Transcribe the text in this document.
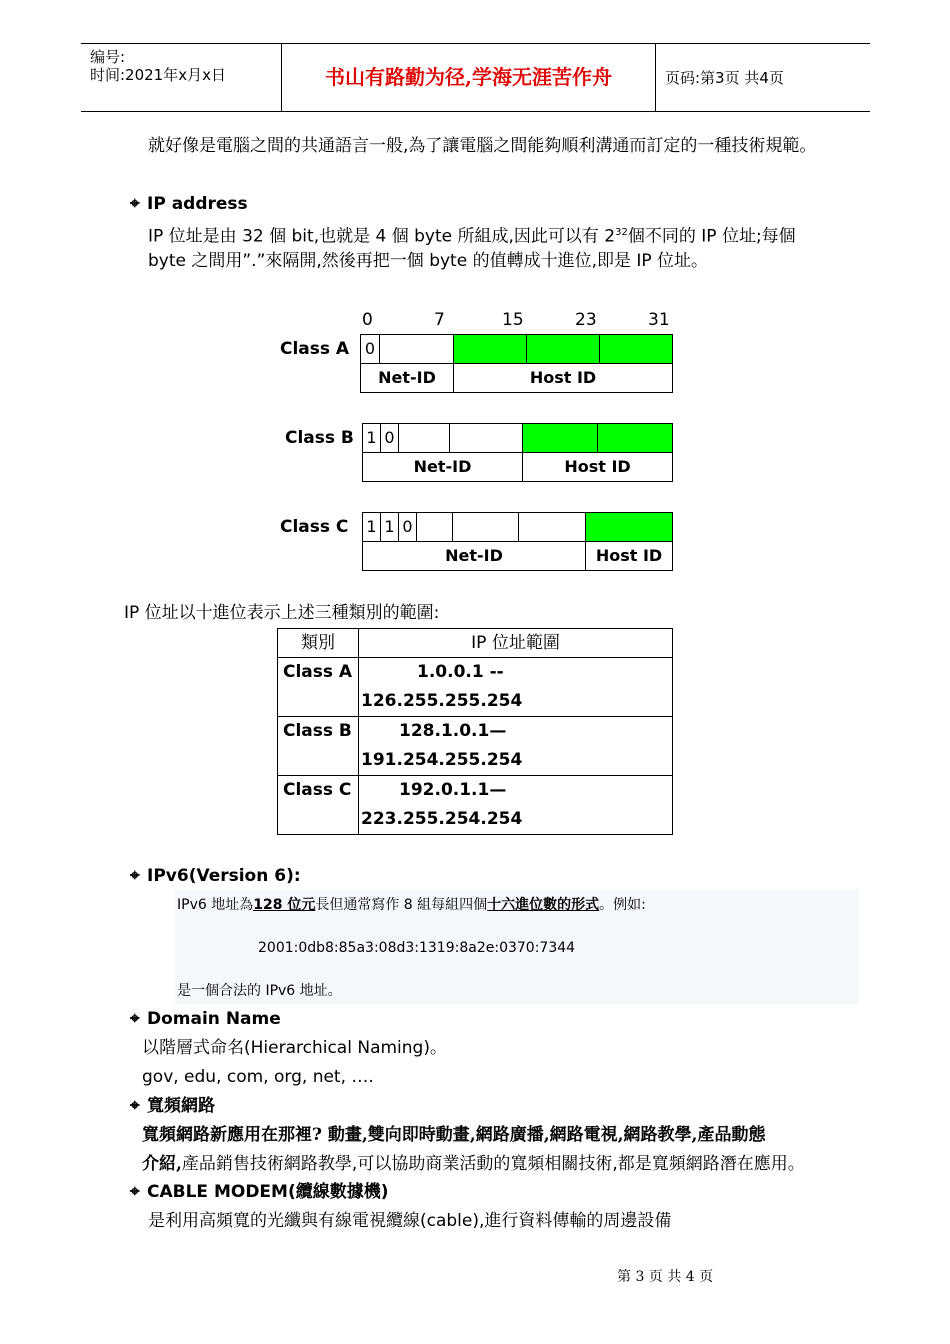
编号:
时间:2021年x月x日	书山有路勤为径,学海无涯苦作舟	页码:第3页 共4页
就好像是電腦之間的共通語言一般,為了讓電腦之間能夠順利溝通而訂定的一種技術規範。
⌖ IP address
IP 位址是由 32 個 bit,也就是 4 個 byte 所組成,因此可以有 $2^{32}$個不同的 IP 位址;每個
byte 之間用”.”來隔開,然後再把一個 byte 的值轉成十進位,即是 IP 位址。
0	7	15	23	31
Class A 0
Net-ID	Host ID
Class B 1 0
Net-ID	Host ID
Class C 1 1 0
Net-ID	Host ID
IP 位址以十進位表示上述三種類別的範圍:
類別	IP 位址範圍

Class A	1.0.0.1 --
126.255.255.254

Class B	128.1.0.1—
191.254.255.254

Class C	192.0.1.1—
223.255.254.254
⌖ IPv6(Version 6):
IPv6 地址為128 位元長但通常寫作 8 組每組四個十六進位數的形式。例如:
2001:0db8:85a3:08d3:1319:8a2e:0370:7344
是一個合法的 IPv6 地址。
⌖ Domain Name
以階層式命名(Hierarchical Naming)。
gov, edu, com, org, net, ….
⌖ 寬頻網路
寬頻網路新應用在那裡? 動畫,雙向即時動畫,網路廣播,網路電視,網路教學,產品動態
介紹,產品銷售技術網路教學,可以協助商業活動的寬頻相關技術,都是寬頻網路潛在應用。
⌖ CABLE MODEM(纜線數據機)
是利用高頻寬的光纖與有線電視纜線(cable),進行資料傳輸的周邊設備
第 3 页 共 4 页
